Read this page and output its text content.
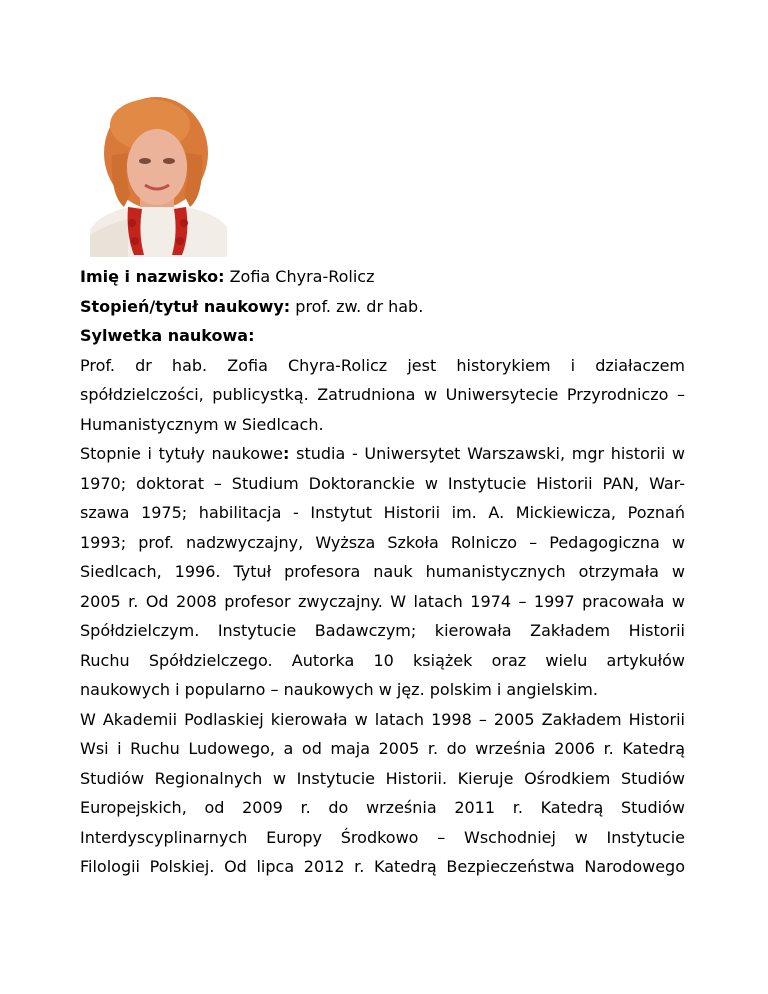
Imię i nazwisko: Zofia Chyra-Rolicz
Stopień/tytuł naukowy: prof. zw. dr hab.
Sylwetka naukowa:
Prof. dr hab. Zofia Chyra-Rolicz jest historykiem i działaczem
spółdzielczości, publicystką. Zatrudniona w Uniwersytecie Przyrodniczo –
Humanistycznym w Siedlcach.
Stopnie i tytuły naukowe: studia - Uniwersytet Warszawski, mgr historii w
1970; doktorat – Studium Doktoranckie w Instytucie Historii PAN, War-
szawa 1975; habilitacja - Instytut Historii im. A. Mickiewicza, Poznań
1993; prof. nadzwyczajny, Wyższa Szkoła Rolniczo – Pedagogiczna w
Siedlcach, 1996. Tytuł profesora nauk humanistycznych otrzymała w
2005 r. Od 2008 profesor zwyczajny. W latach 1974 – 1997 pracowała w
Spółdzielczym. Instytucie Badawczym; kierowała Zakładem Historii
Ruchu Spółdzielczego. Autorka 10 książek oraz wielu artykułów
naukowych i popularno – naukowych w jęz. polskim i angielskim.
W Akademii Podlaskiej kierowała w latach 1998 – 2005 Zakładem Historii
Wsi i Ruchu Ludowego, a od maja 2005 r. do września 2006 r. Katedrą
Studiów Regionalnych w Instytucie Historii. Kieruje Ośrodkiem Studiów
Europejskich, od 2009 r. do września 2011 r. Katedrą Studiów
Interdyscyplinarnych Europy Środkowo – Wschodniej w Instytucie
Filologii Polskiej. Od lipca 2012 r. Katedrą Bezpieczeństwa Narodowego
